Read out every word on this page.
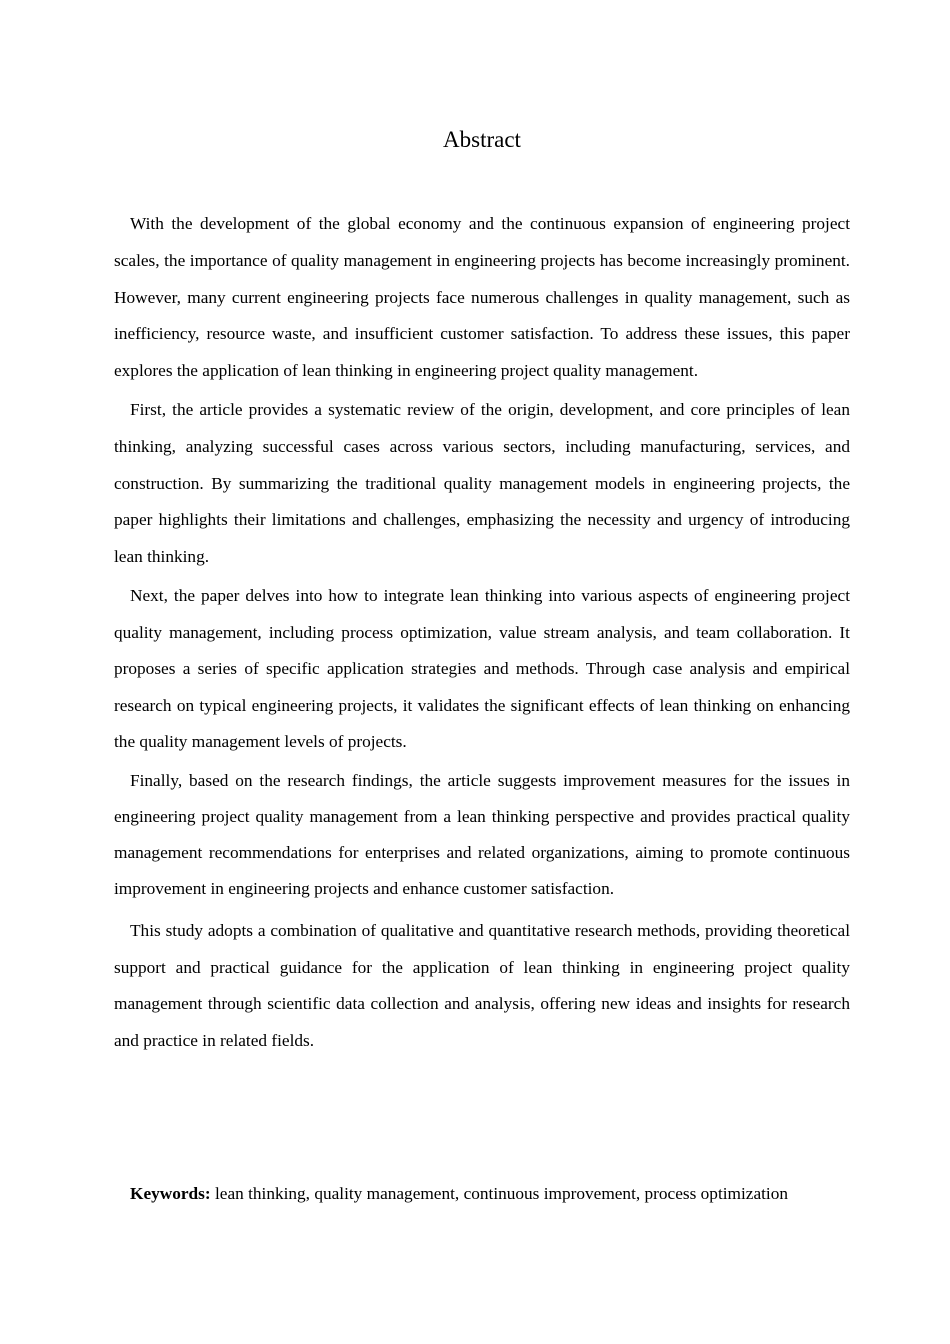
Abstract

With the development of the global economy and the continuous expansion of engineering project scales, the importance of quality management in engineering projects has become increasingly prominent. However, many current engineering projects face numerous challenges in quality management, such as inefficiency, resource waste, and insufficient customer satisfaction. To address these issues, this paper explores the application of lean thinking in engineering project quality management.

First, the article provides a systematic review of the origin, development, and core principles of lean thinking, analyzing successful cases across various sectors, including manufacturing, services, and construction. By summarizing the traditional quality management models in engineering projects, the paper highlights their limitations and challenges, emphasizing the necessity and urgency of introducing lean thinking.

Next, the paper delves into how to integrate lean thinking into various aspects of engineering project quality management, including process optimization, value stream analysis, and team collaboration. It proposes a series of specific application strategies and methods. Through case analysis and empirical research on typical engineering projects, it validates the significant effects of lean thinking on enhancing the quality management levels of projects.

Finally, based on the research findings, the article suggests improvement measures for the issues in engineering project quality management from a lean thinking perspective and provides practical quality management recommendations for enterprises and related organizations, aiming to promote continuous improvement in engineering projects and enhance customer satisfaction.

This study adopts a combination of qualitative and quantitative research methods, providing theoretical support and practical guidance for the application of lean thinking in engineering project quality management through scientific data collection and analysis, offering new ideas and insights for research and practice in related fields.

Keywords: lean thinking, quality management, continuous improvement, process optimization
